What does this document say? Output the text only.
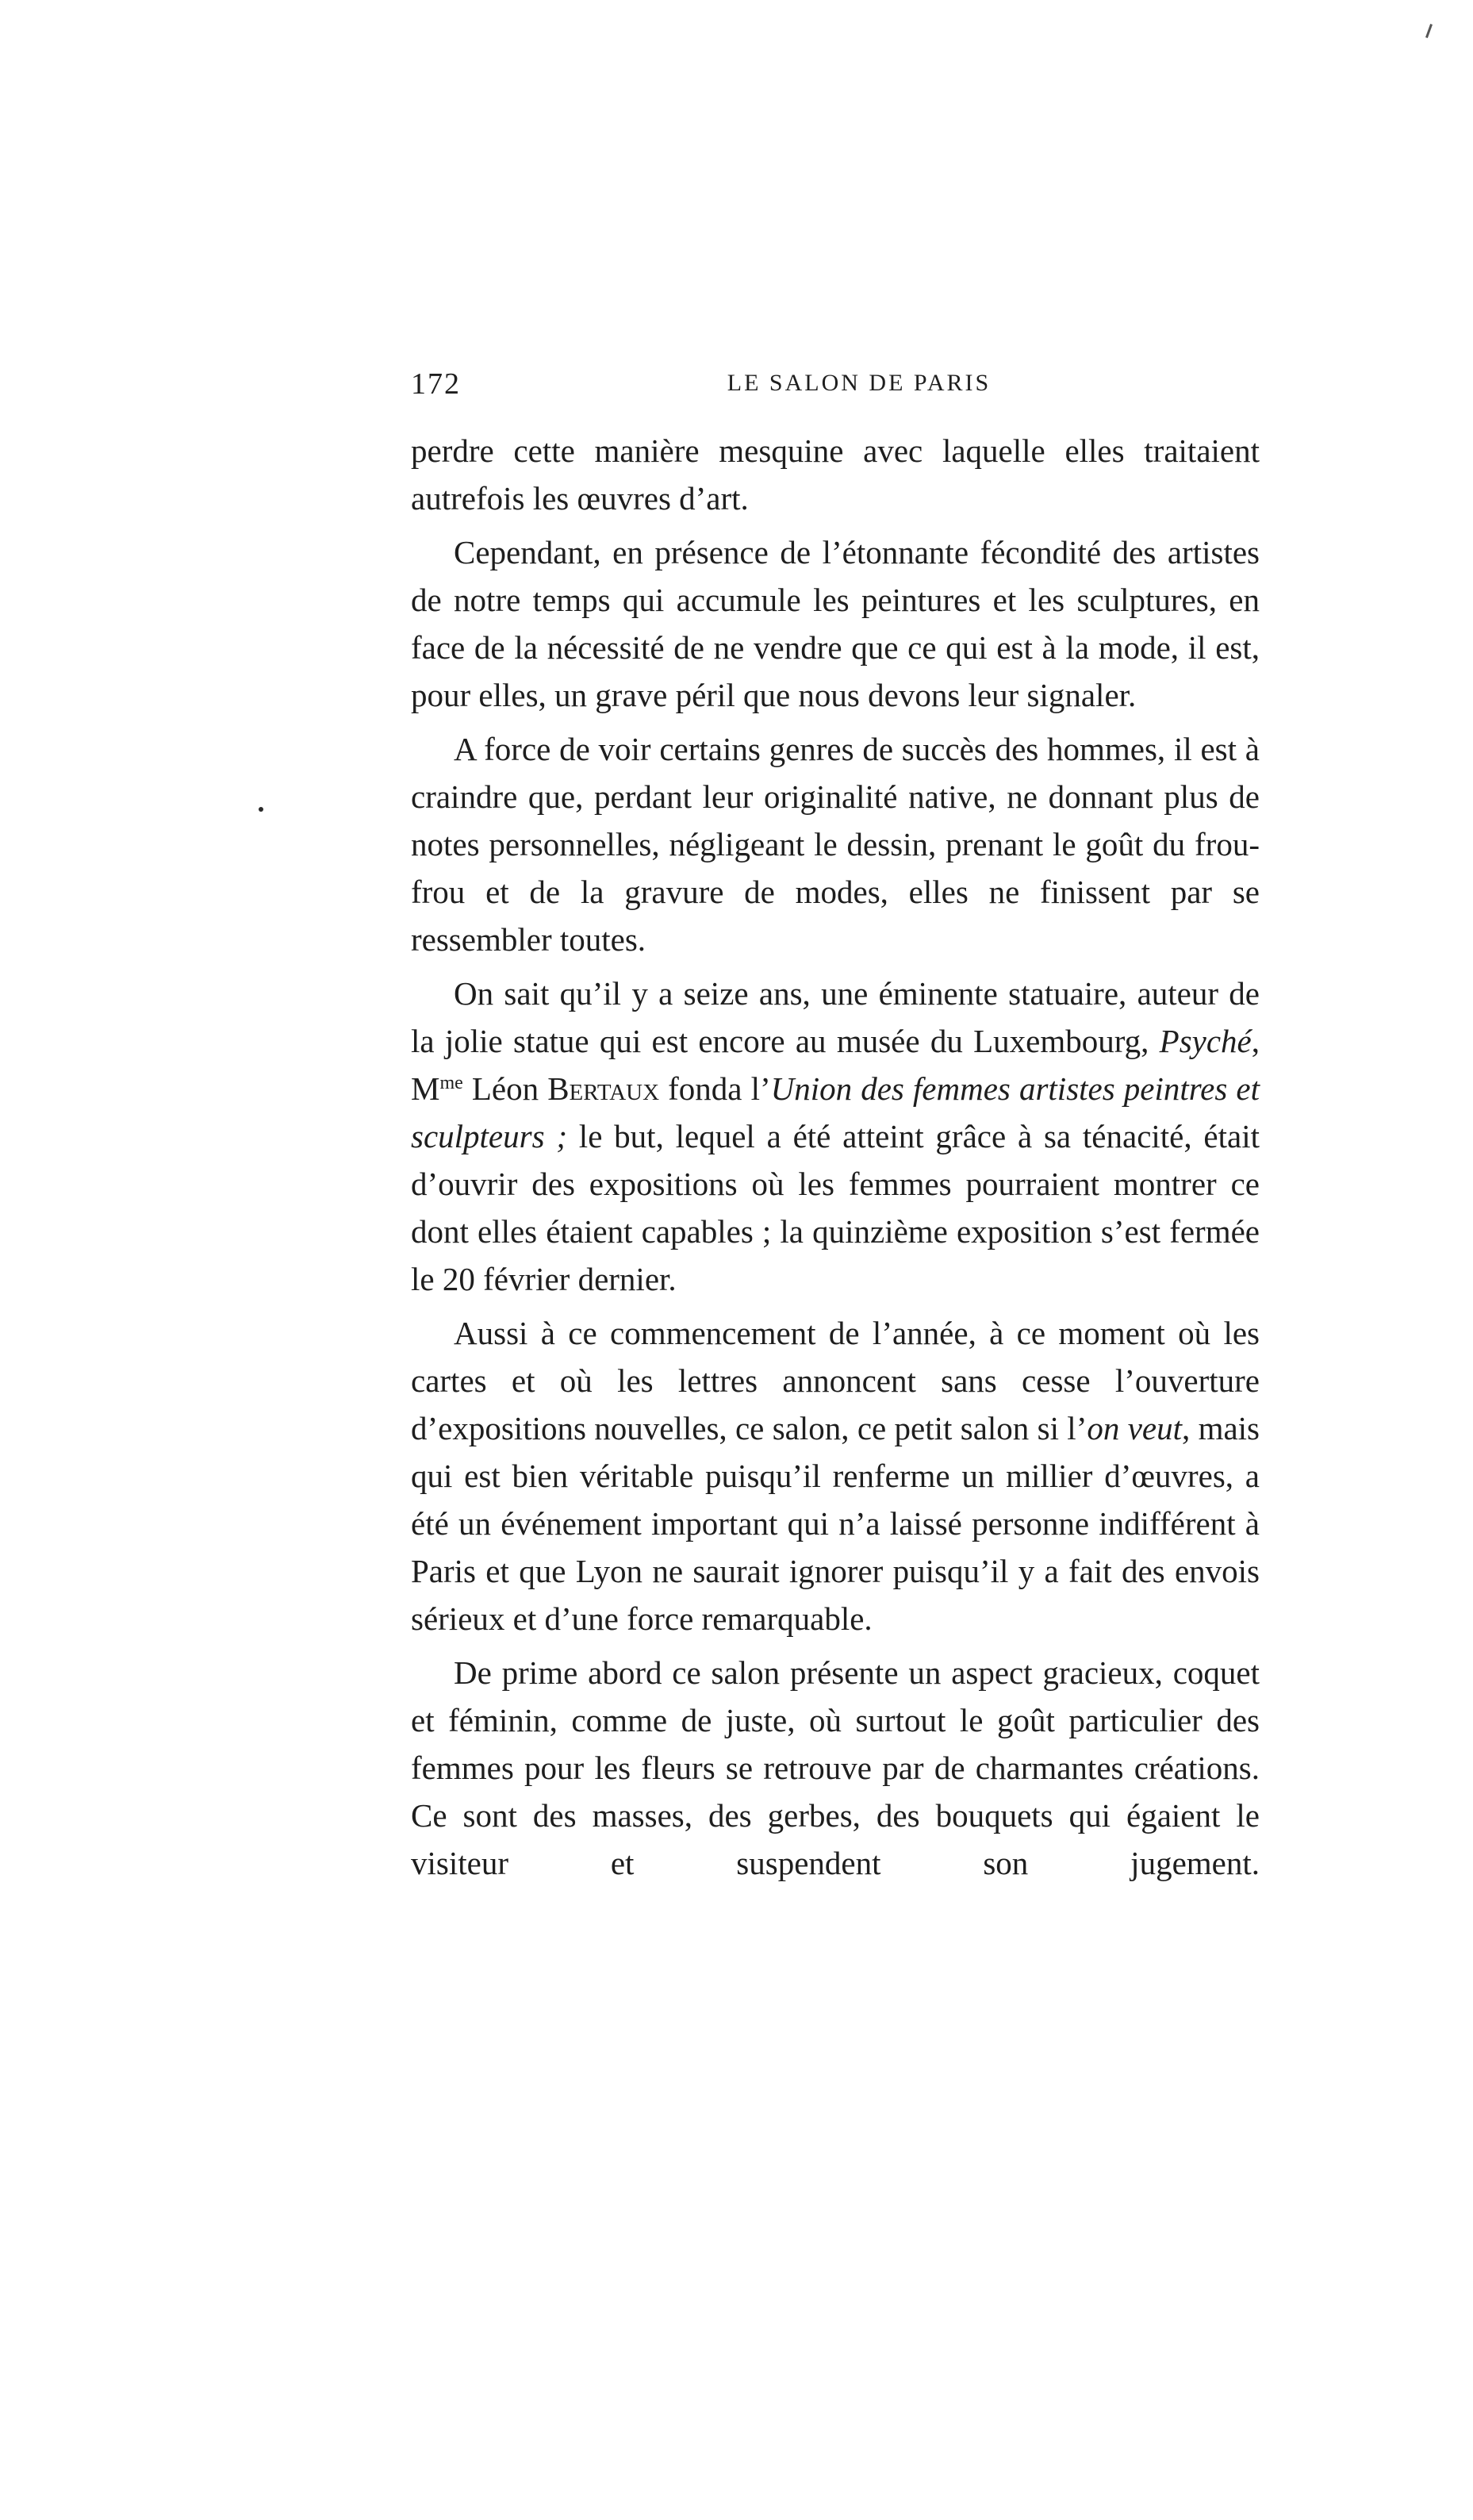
172	LE SALON DE PARIS

perdre cette manière mesquine avec laquelle elles traitaient autrefois les œuvres d’art.

Cependant, en présence de l’étonnante fécondité des artistes de notre temps qui accumule les peintures et les sculptures, en face de la nécessité de ne vendre que ce qui est à la mode, il est, pour elles, un grave péril que nous devons leur signaler.

A force de voir certains genres de succès des hommes, il est à craindre que, perdant leur originalité native, ne donnant plus de notes personnelles, négligeant le dessin, prenant le goût du frou-frou et de la gravure de modes, elles ne finissent par se ressembler toutes.

On sait qu’il y a seize ans, une éminente statuaire, auteur de la jolie statue qui est encore au musée du Luxembourg, Psyché, $M^{me}$ Léon Bertaux fonda l’Union des femmes artistes peintres et sculpteurs ; le but, lequel a été atteint grâce à sa ténacité, était d’ouvrir des expositions où les femmes pourraient montrer ce dont elles étaient capables ; la quinzième exposition s’est fermée le 20 février dernier.

Aussi à ce commencement de l’année, à ce moment où les cartes et où les lettres annoncent sans cesse l’ouverture d’expositions nouvelles, ce salon, ce petit salon si l’on veut, mais qui est bien véritable puisqu’il renferme un millier d’œuvres, a été un événement important qui n’a laissé personne indifférent à Paris et que Lyon ne saurait ignorer puisqu’il y a fait des envois sérieux et d’une force remarquable.

De prime abord ce salon présente un aspect gracieux, coquet et féminin, comme de juste, où surtout le goût particulier des femmes pour les fleurs se retrouve par de charmantes créations. Ce sont des masses, des gerbes, des bouquets qui égaient le visiteur et suspendent son jugement.
